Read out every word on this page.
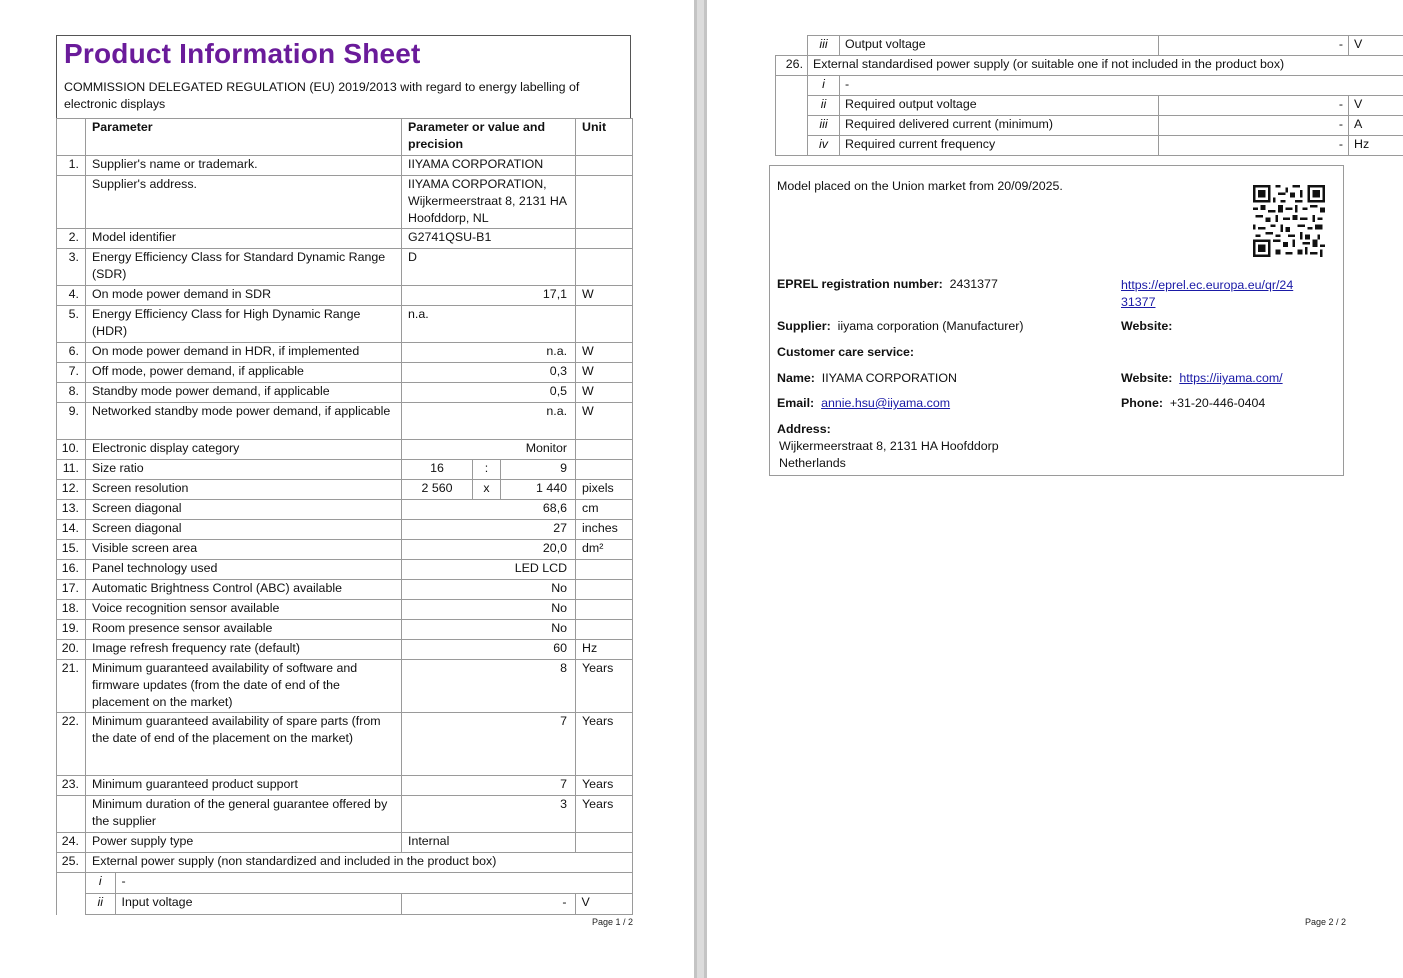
Product Information Sheet
COMMISSION DELEGATED REGULATION (EU) 2019/2013 with regard to energy labelling of electronic displays
	Parameter	Parameter or value and precision	Unit
1.	Supplier's name or trademark.	IIYAMA CORPORATION	
	Supplier's address.	IIYAMA CORPORATION, Wijkermeerstraat 8, 2131 HA Hoofddorp, NL	
2.	Model identifier	G2741QSU-B1	
3.	Energy Efficiency Class for Standard Dynamic Range (SDR)	D	
4.	On mode power demand in SDR	17,1	W
5.	Energy Efficiency Class for High Dynamic Range (HDR)	n.a.	
6.	On mode power demand in HDR, if implemented	n.a.	W
7.	Off mode, power demand, if applicable	0,3	W
8.	Standby mode power demand, if applicable	0,5	W
9.	Networked standby mode power demand, if applicable	n.a.	W
10.	Electronic display category	Monitor	
11.	Size ratio	16	:	9	
12.	Screen resolution	2 560	x	1 440	pixels
13.	Screen diagonal	68,6	cm
14.	Screen diagonal	27	inches
15.	Visible screen area	20,0	dm²
16.	Panel technology used	LED LCD	
17.	Automatic Brightness Control (ABC) available	No	
18.	Voice recognition sensor available	No	
19.	Room presence sensor available	No	
20.	Image refresh frequency rate (default)	60	Hz
21.	Minimum guaranteed availability of software and firmware updates (from the date of end of the placement on the market)	8	Years
22.	Minimum guaranteed availability of spare parts (from the date of end of the placement on the market)	7	Years
23.	Minimum guaranteed product support	7	Years
	Minimum duration of the general guarantee offered by the supplier	3	Years
24.	Power supply type	Internal	
25.	External power supply (non standardized and included in the product box)

i	-

ii	Input voltage	-	V
Page 1 / 2
	iii	Output voltage	-	V
26.	External standardised power supply (or suitable one if not included in the product box)			
	i	-		
	ii	Required output voltage	-	V
	iii	Required delivered current (minimum)	-	A
	iv	Required current frequency	-	Hz
Model placed on the Union market from 20/09/2025.
EPREL registration number: 2431377	https://eprel.ec.europa.eu/qr/24
31377
Supplier: iiyama corporation (Manufacturer)	Website:
Customer care service:
Name: IIYAMA CORPORATION	Website: https://iiyama.com/
Email: annie.hsu@iiyama.com	Phone: +31-20-446-0404
Address:
Wijkermeerstraat 8, 2131 HA Hoofddorp
Netherlands
Page 2 / 2
